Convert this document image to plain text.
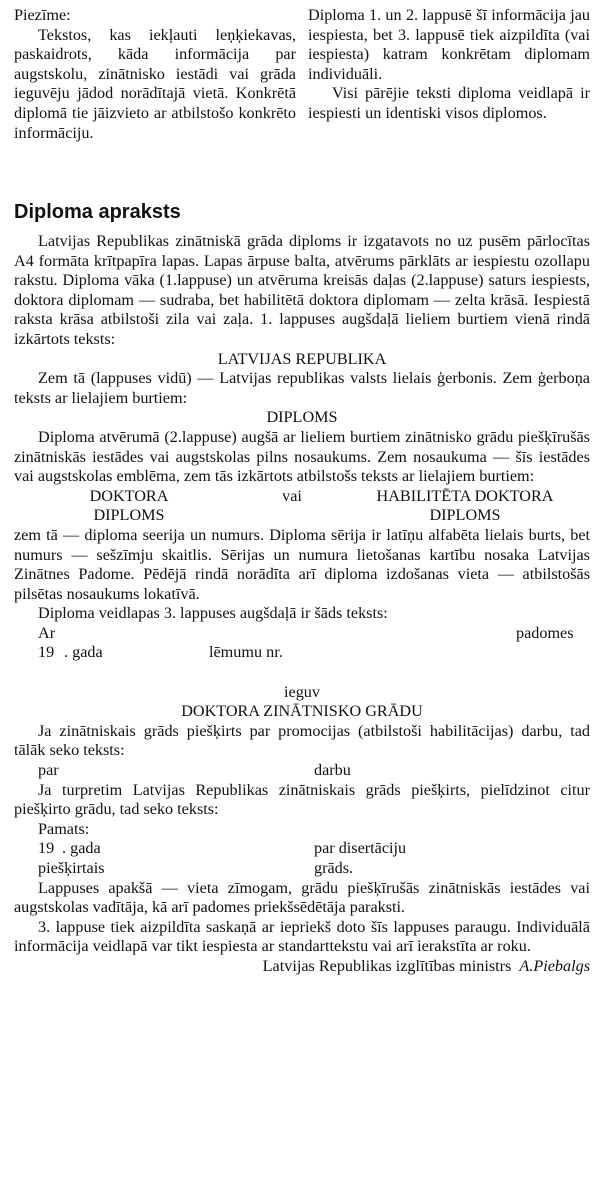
Piezīme:

Tekstos, kas iekļauti leņķiekavas, paskaidrots, kāda informācija par augstskolu, zinātnisko iestādi vai grāda ieguvēju jādod norādītajā vietā. Konkrētā diplomā tie jāizvieto ar atbilstošo konkrēto informāciju.

Diploma 1. un 2. lappusē šī informācija jau iespiesta, bet 3. lappusē tiek aizpildīta (vai iespiesta) katram konkrētam diplomam individuāli.

Visi pārējie teksti diploma veidlapā ir iespiesti un identiski visos diplomos.

Diploma apraksts

Latvijas Republikas zinātniskā grāda diploms ir izgatavots no uz pusēm pārlocītas A4 formāta krītpapīra lapas. Lapas ārpuse balta, atvērums pārklāts ar iespiestu ozollapu rakstu. Diploma vāka (1.lappuse) un atvēruma kreisās daļas (2.lappuse) saturs iespiests, doktora diplomam — sudraba, bet habilitētā doktora diplomam — zelta krāsā. Iespiestā raksta krāsa atbilstoši zila vai zaļa. 1. lappuses augšdaļā lieliem burtiem vienā rindā izkārtots teksts:

LATVIJAS REPUBLIKA

Zem tā (lappuses vidū) — Latvijas republikas valsts lielais ģerbonis. Zem ģerboņa teksts ar lielajiem burtiem:

DIPLOMS

Diploma atvērumā (2.lappuse) augšā ar lieliem burtiem zinātnisko grādu piešķīrušās zinātniskās iestādes vai augstskolas pilns nosaukums. Zem nosaukuma — šīs iestādes vai augstskolas emblēma, zem tās izkārtots atbilstošs teksts ar lielajiem burtiem:

DOKTORA	vai	HABILITĒTA DOKTORA
DIPLOMS	DIPLOMS

zem tā — diploma seerija un numurs. Diploma sērija ir latīņu alfabēta lielais burts, bet numurs — sešzīmju skaitlis. Sērijas un numura lietošanas kartību nosaka Latvijas Zinātnes Padome. Pēdējā rindā norādīta arī diploma izdošanas vieta — atbilstošās pilsētas nosaukums lokatīvā.

Diploma veidlapas 3. lappuses augšdaļā ir šāds teksts:

Ar	padomes
19 . gada	lēmumu nr.

ieguv

DOKTORA ZINĀTNISKO GRĀDU

Ja zinātniskais grāds piešķirts par promocijas (atbilstoši habilitācijas) darbu, tad tālāk seko teksts:

par	darbu

Ja turpretim Latvijas Republikas zinātniskais grāds piešķirts, pielīdzinot citur piešķirto grādu, tad seko teksts:

Pamats:

19 . gada	par disertāciju
piešķirtais	grāds.

Lappuses apakšā — vieta zīmogam, grādu piešķīrušās zinātniskās iestādes vai augstskolas vadītāja, kā arī padomes priekšsēdētāja paraksti.

3. lappuse tiek aizpildīta saskaņā ar iepriekš doto šīs lappuses paraugu. Individuālā informācija veidlapā var tikt iespiesta ar standarttekstu vai arī ierakstīta ar roku.

Latvijas Republikas izglītības ministrs A.Piebalgs
